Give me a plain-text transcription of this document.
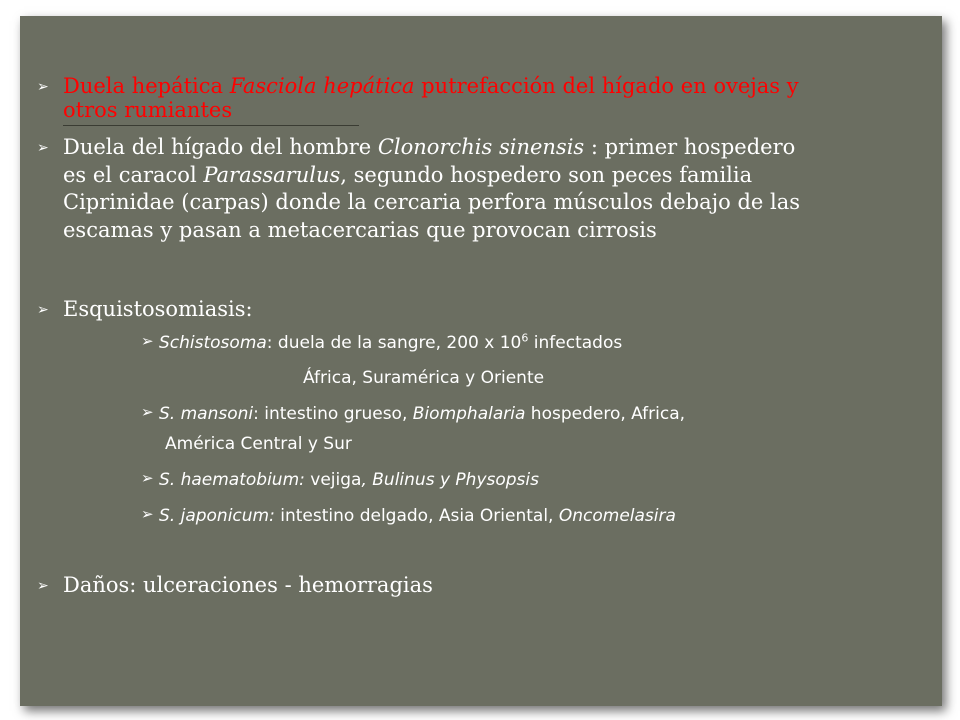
➢ Duela hepática Fasciola hepática putrefacción del hígado en ovejas y
otros rumiantes
➢ Duela del hígado del hombre Clonorchis sinensis : primer hospedero
es el caracol Parassarulus, segundo hospedero son peces familia
Ciprinidae (carpas) donde la cercaria perfora músculos debajo de las
escamas y pasan a metacercarias que provocan cirrosis
➢ Esquistosomiasis:
➢ Schistosoma: duela de la sangre, 200 x $10^6$ infectados
África, Suramérica y Oriente
➢ S. mansoni: intestino grueso, Biomphalaria hospedero, Africa,
América Central y Sur
➢ S. haematobium: vejiga, Bulinus y Physopsis
➢ S. japonicum: intestino delgado, Asia Oriental, Oncomelasira
➢ Daños: ulceraciones - hemorragias
